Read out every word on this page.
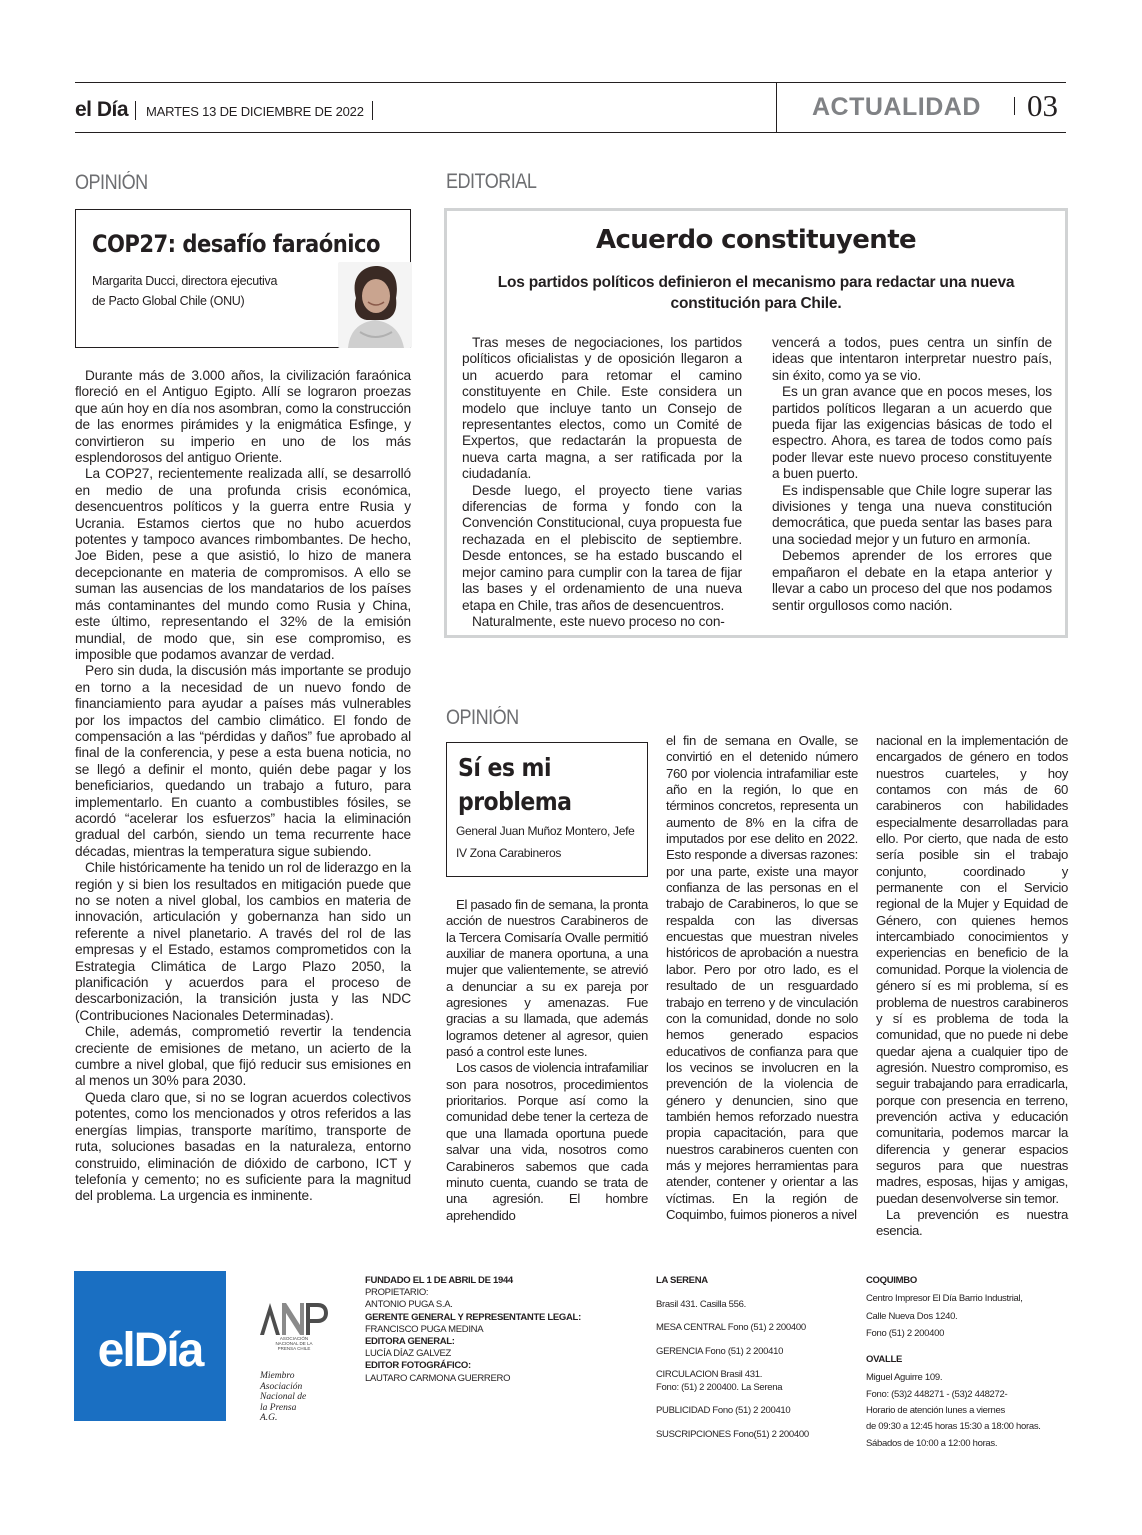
el Día MARTES 13 DE DICIEMBRE DE 2022	ACTUALIDAD 03
OPINIÓN
COP27: desafío faraónico
Margarita Ducci, directora ejecutiva
de Pacto Global Chile (ONU)

Durante más de 3.000 años, la civilización faraónica floreció en el Antiguo Egipto. Allí se lograron proezas que aún hoy en día nos asombran, como la construcción de las enormes pirámides y la enigmática Esfinge, y convirtieron su imperio en uno de los más esplendorosos del antiguo Oriente.

La COP27, recientemente realizada allí, se desarrolló en medio de una profunda crisis económica, desencuentros políticos y la guerra entre Rusia y Ucrania. Estamos ciertos que no hubo acuerdos potentes y tampoco avances rimbombantes. De hecho, Joe Biden, pese a que asistió, lo hizo de manera decepcionante en materia de compromisos. A ello se suman las ausencias de los mandatarios de los países más contaminantes del mundo como Rusia y China, este último, representando el 32% de la emisión mundial, de modo que, sin ese compromiso, es imposible que podamos avanzar de verdad.

Pero sin duda, la discusión más importante se produjo en torno a la necesidad de un nuevo fondo de financiamiento para ayudar a países más vulnerables por los impactos del cambio climático. El fondo de compensación a las “pérdidas y daños” fue aprobado al final de la conferencia, y pese a esta buena noticia, no se llegó a definir el monto, quién debe pagar y los beneficiarios, quedando un trabajo a futuro, para implementarlo. En cuanto a combustibles fósiles, se acordó “acelerar los esfuerzos” hacia la eliminación gradual del carbón, siendo un tema recurrente hace décadas, mientras la temperatura sigue subiendo.

Chile históricamente ha tenido un rol de liderazgo en la región y si bien los resultados en mitigación puede que no se noten a nivel global, los cambios en materia de innovación, articulación y gobernanza han sido un referente a nivel planetario. A través del rol de las empresas y el Estado, estamos comprometidos con la Estrategia Climática de Largo Plazo 2050, la planificación y acuerdos para el proceso de descarbonización, la transición justa y las NDC (Contribuciones Nacionales Determinadas).

Chile, además, comprometió revertir la tendencia creciente de emisiones de metano, un acierto de la cumbre a nivel global, que fijó reducir sus emisiones en al menos un 30% para 2030.

Queda claro que, si no se logran acuerdos colectivos potentes, como los mencionados y otros referidos a las energías limpias, transporte marítimo, transporte de ruta, soluciones basadas en la naturaleza, entorno construido, eliminación de dióxido de carbono, ICT y telefonía y cemento; no es suficiente para la magnitud del problema. La urgencia es inminente.

EDITORIAL
Acuerdo constituyente
Los partidos políticos definieron el mecanismo para redactar una nueva constitución para Chile.

Tras meses de negociaciones, los partidos políticos oficialistas y de oposición llegaron a un acuerdo para retomar el camino constituyente en Chile. Este considera un modelo que incluye tanto un Consejo de representantes electos, como un Comité de Expertos, que redactarán la propuesta de nueva carta magna, a ser ratificada por la ciudadanía.

Desde luego, el proyecto tiene varias diferencias de forma y fondo con la Convención Constitucional, cuya propuesta fue rechazada en el plebiscito de septiembre. Desde entonces, se ha estado buscando el mejor camino para cumplir con la tarea de fijar las bases y el ordenamiento de una nueva etapa en Chile, tras años de desencuentros.

Naturalmente, este nuevo proceso no con-

vencerá a todos, pues centra un sinfín de ideas que intentaron interpretar nuestro país, sin éxito, como ya se vio.

Es un gran avance que en pocos meses, los partidos políticos llegaran a un acuerdo que pueda fijar las exigencias básicas de todo el espectro. Ahora, es tarea de todos como país poder llevar este nuevo proceso constituyente a buen puerto.

Es indispensable que Chile logre superar las divisiones y tenga una nueva constitución democrática, que pueda sentar las bases para una sociedad mejor y un futuro en armonía.

Debemos aprender de los errores que empañaron el debate en la etapa anterior y llevar a cabo un proceso del que nos podamos sentir orgullosos como nación.

OPINIÓN
Sí es mi
problema
General Juan Muñoz Montero, Jefe
IV Zona Carabineros

El pasado fin de semana, la pronta acción de nuestros Carabineros de la Tercera Comisaría Ovalle permitió auxiliar de manera oportuna, a una mujer que valientemente, se atrevió a denunciar a su ex pareja por agresiones y amenazas. Fue gracias a su llamada, que además logramos detener al agresor, quien pasó a control este lunes.

Los casos de violencia intrafamiliar son para nosotros, procedimientos prioritarios. Porque así como la comunidad debe tener la certeza de que una llamada oportuna puede salvar una vida, nosotros como Carabineros sabemos que cada minuto cuenta, cuando se trata de una agresión. El hombre aprehendido

el fin de semana en Ovalle, se convirtió en el detenido número 760 por violencia intrafamiliar este año en la región, lo que en términos concretos, representa un aumento de 8% en la cifra de imputados por ese delito en 2022. Esto responde a diversas razones: por una parte, existe una mayor confianza de las personas en el trabajo de Carabineros, lo que se respalda con las diversas encuestas que muestran niveles históricos de aprobación a nuestra labor. Pero por otro lado, es el resultado de un resguardado trabajo en terreno y de vinculación con la comunidad, donde no solo hemos generado espacios educativos de confianza para que los vecinos se involucren en la prevención de la violencia de género y denuncien, sino que también hemos reforzado nuestra propia capacitación, para que nuestros carabineros cuenten con más y mejores herramientas para atender, contener y orientar a las víctimas. En la región de Coquimbo, fuimos pioneros a nivel

nacional en la implementación de encargados de género en todos nuestros cuarteles, y hoy contamos con más de 60 carabineros con habilidades especialmente desarrolladas para ello. Por cierto, que nada de esto sería posible sin el trabajo conjunto, coordinado y permanente con el Servicio regional de la Mujer y Equidad de Género, con quienes hemos intercambiado conocimientos y experiencias en beneficio de la comunidad. Porque la violencia de género sí es mi problema, sí es problema de nuestros carabineros y sí es problema de toda la comunidad, que no puede ni debe quedar ajena a cualquier tipo de agresión. Nuestro compromiso, es seguir trabajando para erradicarla, porque con presencia en terreno, prevención activa y educación comunitaria, podemos marcar la diferencia y generar espacios seguros para que nuestras madres, esposas, hijas y amigas, puedan desenvolverse sin temor.

La prevención es nuestra esencia.

elDía	ASOCIACIÓN NACIONAL DE LA PRENSA CHILE
Miembro
Asociación
Nacional de
la Prensa
A.G.
FUNDADO EL 1 DE ABRIL DE 1944
PROPIETARIO:
ANTONIO PUGA S.A.
GERENTE GENERAL Y REPRESENTANTE LEGAL:
FRANCISCO PUGA MEDINA
EDITORA GENERAL:
LUCÍA DÍAZ GALVEZ
EDITOR FOTOGRÁFICO:
LAUTARO CARMONA GUERRERO
LA SERENA
Brasil 431. Casilla 556.
MESA CENTRAL Fono (51) 2 200400
GERENCIA Fono (51) 2 200410
CIRCULACION Brasil 431.
Fono: (51) 2 200400. La Serena
PUBLICIDAD Fono (51) 2 200410
SUSCRIPCIONES Fono(51) 2 200400
COQUIMBO
Centro Impresor El Día Barrio Industrial,
Calle Nueva Dos 1240.
Fono (51) 2 200400
OVALLE
Miguel Aguirre 109.
Fono: (53)2 448271 - (53)2 448272-
Horario de atención lunes a viernes
de 09:30 a 12:45 horas 15:30 a 18:00 horas.
Sábados de 10:00 a 12:00 horas.
